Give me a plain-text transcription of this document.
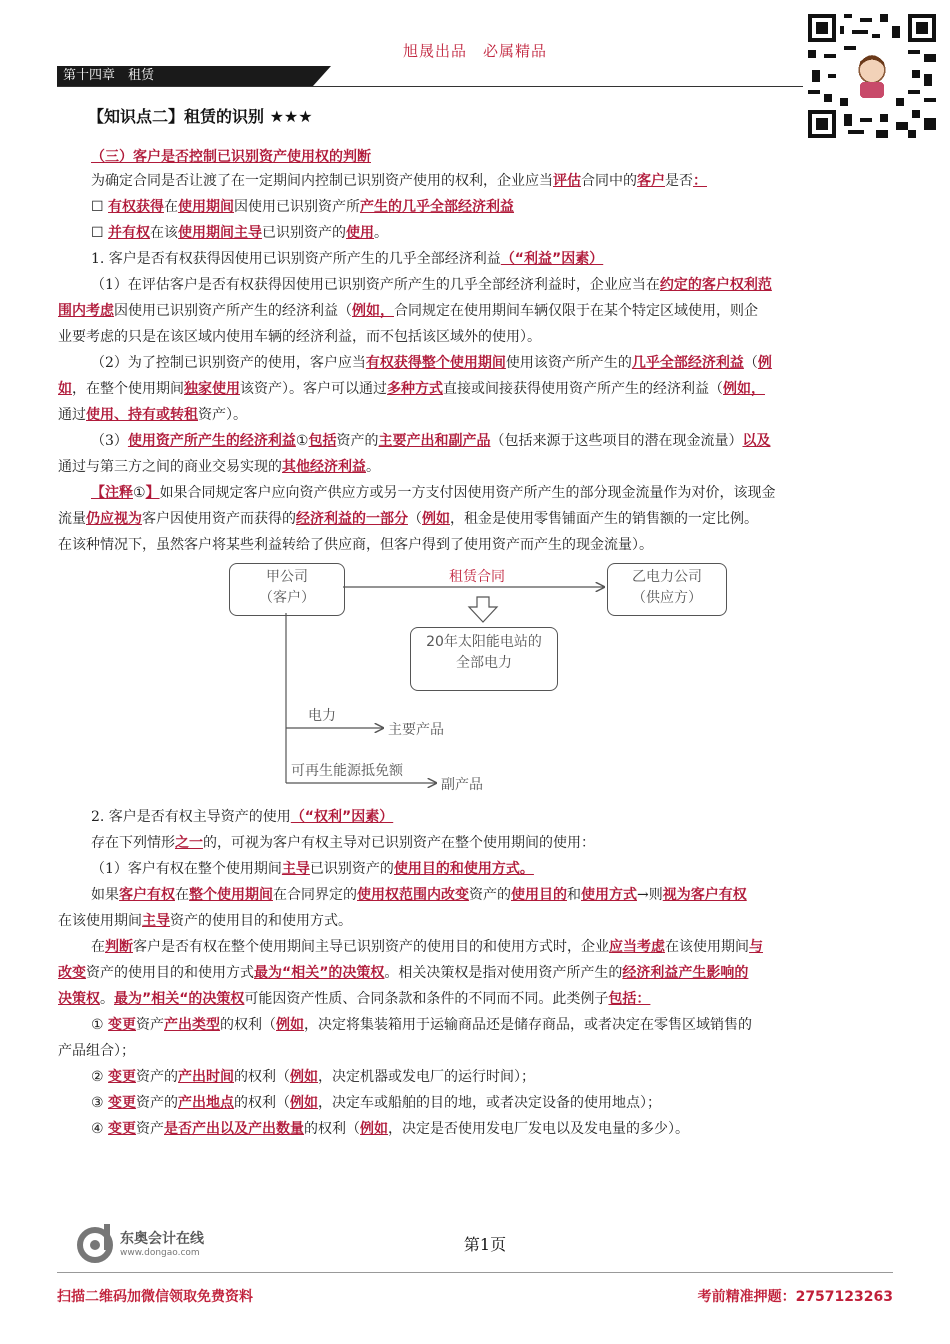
旭晟出品　必属精品
第十四章　租赁
【知识点二】租赁的识别 ★★★
（三）客户是否控制已识别资产使用权的判断
为确定合同是否让渡了在一定期间内控制已识别资产使用的权利，企业应当评估合同中的客户是否：
☐ 有权获得在使用期间因使用已识别资产所产生的几乎全部经济利益
☐ 并有权在该使用期间主导已识别资产的使用。
1. 客户是否有权获得因使用已识别资产所产生的几乎全部经济利益（“利益”因素）
（1）在评估客户是否有权获得因使用已识别资产所产生的几乎全部经济利益时，企业应当在约定的客户权利范
围内考虑因使用已识别资产所产生的经济利益（例如，合同规定在使用期间车辆仅限于在某个特定区域使用，则企
业要考虑的只是在该区域内使用车辆的经济利益，而不包括该区域外的使用）。
（2）为了控制已识别资产的使用，客户应当有权获得整个使用期间使用该资产所产生的几乎全部经济利益（例
如，在整个使用期间独家使用该资产）。客户可以通过多种方式直接或间接获得使用资产所产生的经济利益（例如，
通过使用、持有或转租资产）。
（3）使用资产所产生的经济利益①包括资产的主要产出和副产品（包括来源于这些项目的潜在现金流量）以及
通过与第三方之间的商业交易实现的其他经济利益。
【注释①】如果合同规定客户应向资产供应方或另一方支付因使用资产所产生的部分现金流量作为对价，该现金
流量仍应视为客户因使用资产而获得的经济利益的一部分（例如，租金是使用零售铺面产生的销售额的一定比例。
在该种情况下，虽然客户将某些利益转给了供应商，但客户得到了使用资产而产生的现金流量）。
2. 客户是否有权主导资产的使用（“权利”因素）
存在下列情形之一的，可视为客户有权主导对已识别资产在整个使用期间的使用：
（1）客户有权在整个使用期间主导已识别资产的使用目的和使用方式。
如果客户有权在整个使用期间在合同界定的使用权范围内改变资产的使用目的和使用方式→则视为客户有权
在该使用期间主导资产的使用目的和使用方式。
在判断客户是否有权在整个使用期间主导已识别资产的使用目的和使用方式时，企业应当考虑在该使用期间与
改变资产的使用目的和使用方式最为“相关”的决策权。相关决策权是指对使用资产所产生的经济利益产生影响的
决策权。最为”相关“的决策权可能因资产性质、合同条款和条件的不同而不同。此类例子包括：
① 变更资产产出类型的权利（例如，决定将集装箱用于运输商品还是储存商品，或者决定在零售区域销售的
产品组合）；
② 变更资产的产出时间的权利（例如，决定机器或发电厂的运行时间）；
③ 变更资产的产出地点的权利（例如，决定车或船舶的目的地，或者决定设备的使用地点）；
④ 变更资产是否产出以及产出数量的权利（例如，决定是否使用发电厂发电以及发电量的多少）。
甲公司
（客户）
乙电力公司
（供应方）
租赁合同
20年太阳能电站的
全部电力
电力
主要产品
可再生能源抵免额
副产品
东奥会计在线
www.dongao.com	第1页
扫描二维码加微信领取免费资料	考前精准押题：2757123263
